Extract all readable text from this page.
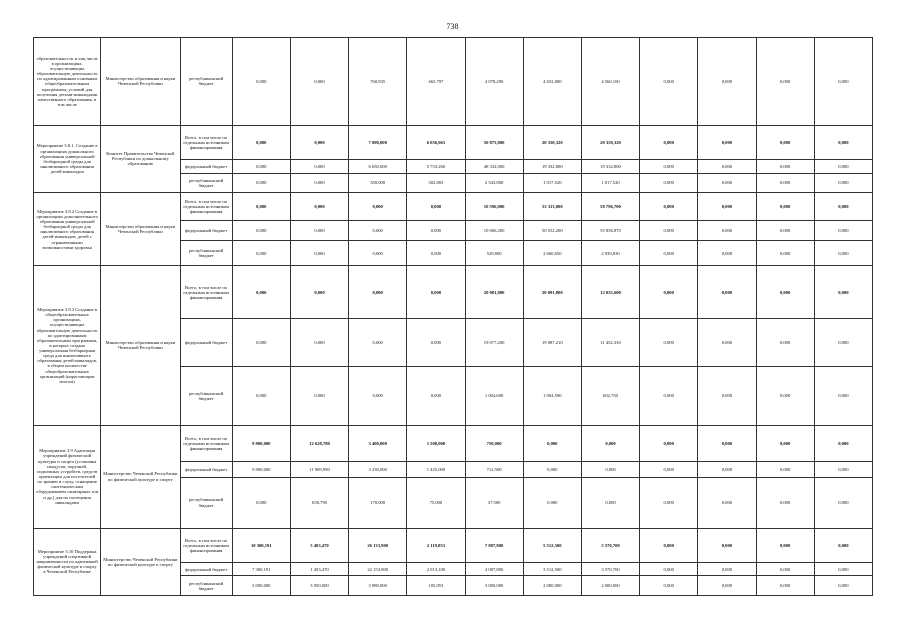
738
образовательности и лиц числе в организациях, осуществляющих образовательную деятельность по адаптированным основным общеобразовательным программам, условий для получения детьми-инвалидами качественного образования, в том числе	Министерство образования и науки Чеченской Республики	республиканский бюджет	0,000	0,000	760,935	465,797	4 078,290	4 652,800	4 560,100	0,000	0,000	0,000	0,000
Мероприятие 3.8.1. Создание в организациях дошкольного образования универсальной безбарьерной среды для инклюзивного образования детей-инвалидов	Комитет Правительства Чеченской Республики по дошкольному образованию	Всего, в том числе по отдельным источникам финансирования	0,000	0,000	7 000,000	6 056,063	50 875,800	20 350,320	20 350,320	0,000	0,000	0,000	0,000
		федеральный бюджет	0,000	0,000	6 650,000	5 753,260	48 332,000	19 332,800	19 332,800	0,000	0,000	0,000	0,000
		республиканский бюджет	0,000	0,000	350,000	302,803	2 543,800	1 017,520	1 017,520	0,000	0,000	0,000	0,000
Мероприятие 3.8.2 Создание в организациях дополнительного образования универсальной безбарьерной среды для инклюзивного образования детей-инвалидов, детей с ограниченными возможностями здоровья	Министерство образования и науки Чеченской Республики	Всего, в том числе по отдельным источникам финансирования	0,000	0,000	0,000	0,000	10 596,000	53 313,000	58 796,700	0,000	0,000	0,000	0,000
		федеральный бюджет	0,000	0,000	0,000	0,000	10 066,200	50 552,200	55 856,870	0,000	0,000	0,000	0,000
		республиканский бюджет	0,000	0,000	0,000	0,000	529,800	2 660,650	2 939,830	0,000	0,000	0,000	0,000
Мероприятие 3.8.3 Создание в общеобразовательных организациях, осуществляющих образовательную деятельность по адаптированным образовательным программам, в которых создана универсальная безбарьерная среда для инклюзивного образования детей-инвалидов, в общем количестве общеобразовательных организаций (нарастающим итогом)	Министерство образования и науки Чеченской Республики	Всего, в том числе по отдельным источникам финансирования	0,000	0,000	0,000	0,000	20 081,800	20 091,800	12 055,600	0,000	0,000	0,000	0,000
		федеральный бюджет	0,000	0,000	0,000	0,000	19 077,200	19 087,210	11 452,330	0,000	0,000	0,000	0,000
		республиканский бюджет	0,000	0,000	0,000	0,000	1 004,600	1 004,590	602,750	0,000	0,000	0,000	0,000
Мероприятие 3.9 Адаптация учреждений физической культуры и спорта (установка пандусов, поручней, подъемных устройств, средств ориентации для посетителей по зрению и слуху, оснащение сантехническим оборудованием санитарных зон и др.) для их посещения инвалидами	Министерство Чеченской Республики по физической культуре и спорту	Всего, в том числе по отдельным источникам финансирования	9 800,000	12 628,780	3 400,000	1 500,000	750,000	0,000	0,000	0,000	0,000	0,000	0,000
		федеральный бюджет	9 800,000	11 969,990	3 230,000	1 425,000	712,500	0,000	0,000	0,000	0,000	0,000	0,000
		республиканский бюджет	0,000	658,790	170,000	75,000	37,500	0,000	0,000	0,000	0,000	0,000	0,000
Мероприятие 3.10 Поддержка учреждений спортивной направленности по адаптивной физической культуре и спорту в Чеченской Республике	Министерство Чеченской Республики по физической культуре и спорту	Всего, в том числе по отдельным источникам финансирования	10 300,191	5 403,470	26 133,900	2 119,053	7 087,800	5 512,500	5 570,700	0,000	0,000	0,000	0,000
		федеральный бюджет	7 300,191	1 453,470	22 153,900	2 013,100	4 087,800	3 512,500	3 570,700	0,000	0,000	0,000	0,000
		республиканский бюджет	3 000,000	3 950,000	3 980,000	105,953	3 000,000	2 000,000	2 000,000	0,000	0,000	0,000	0,000
